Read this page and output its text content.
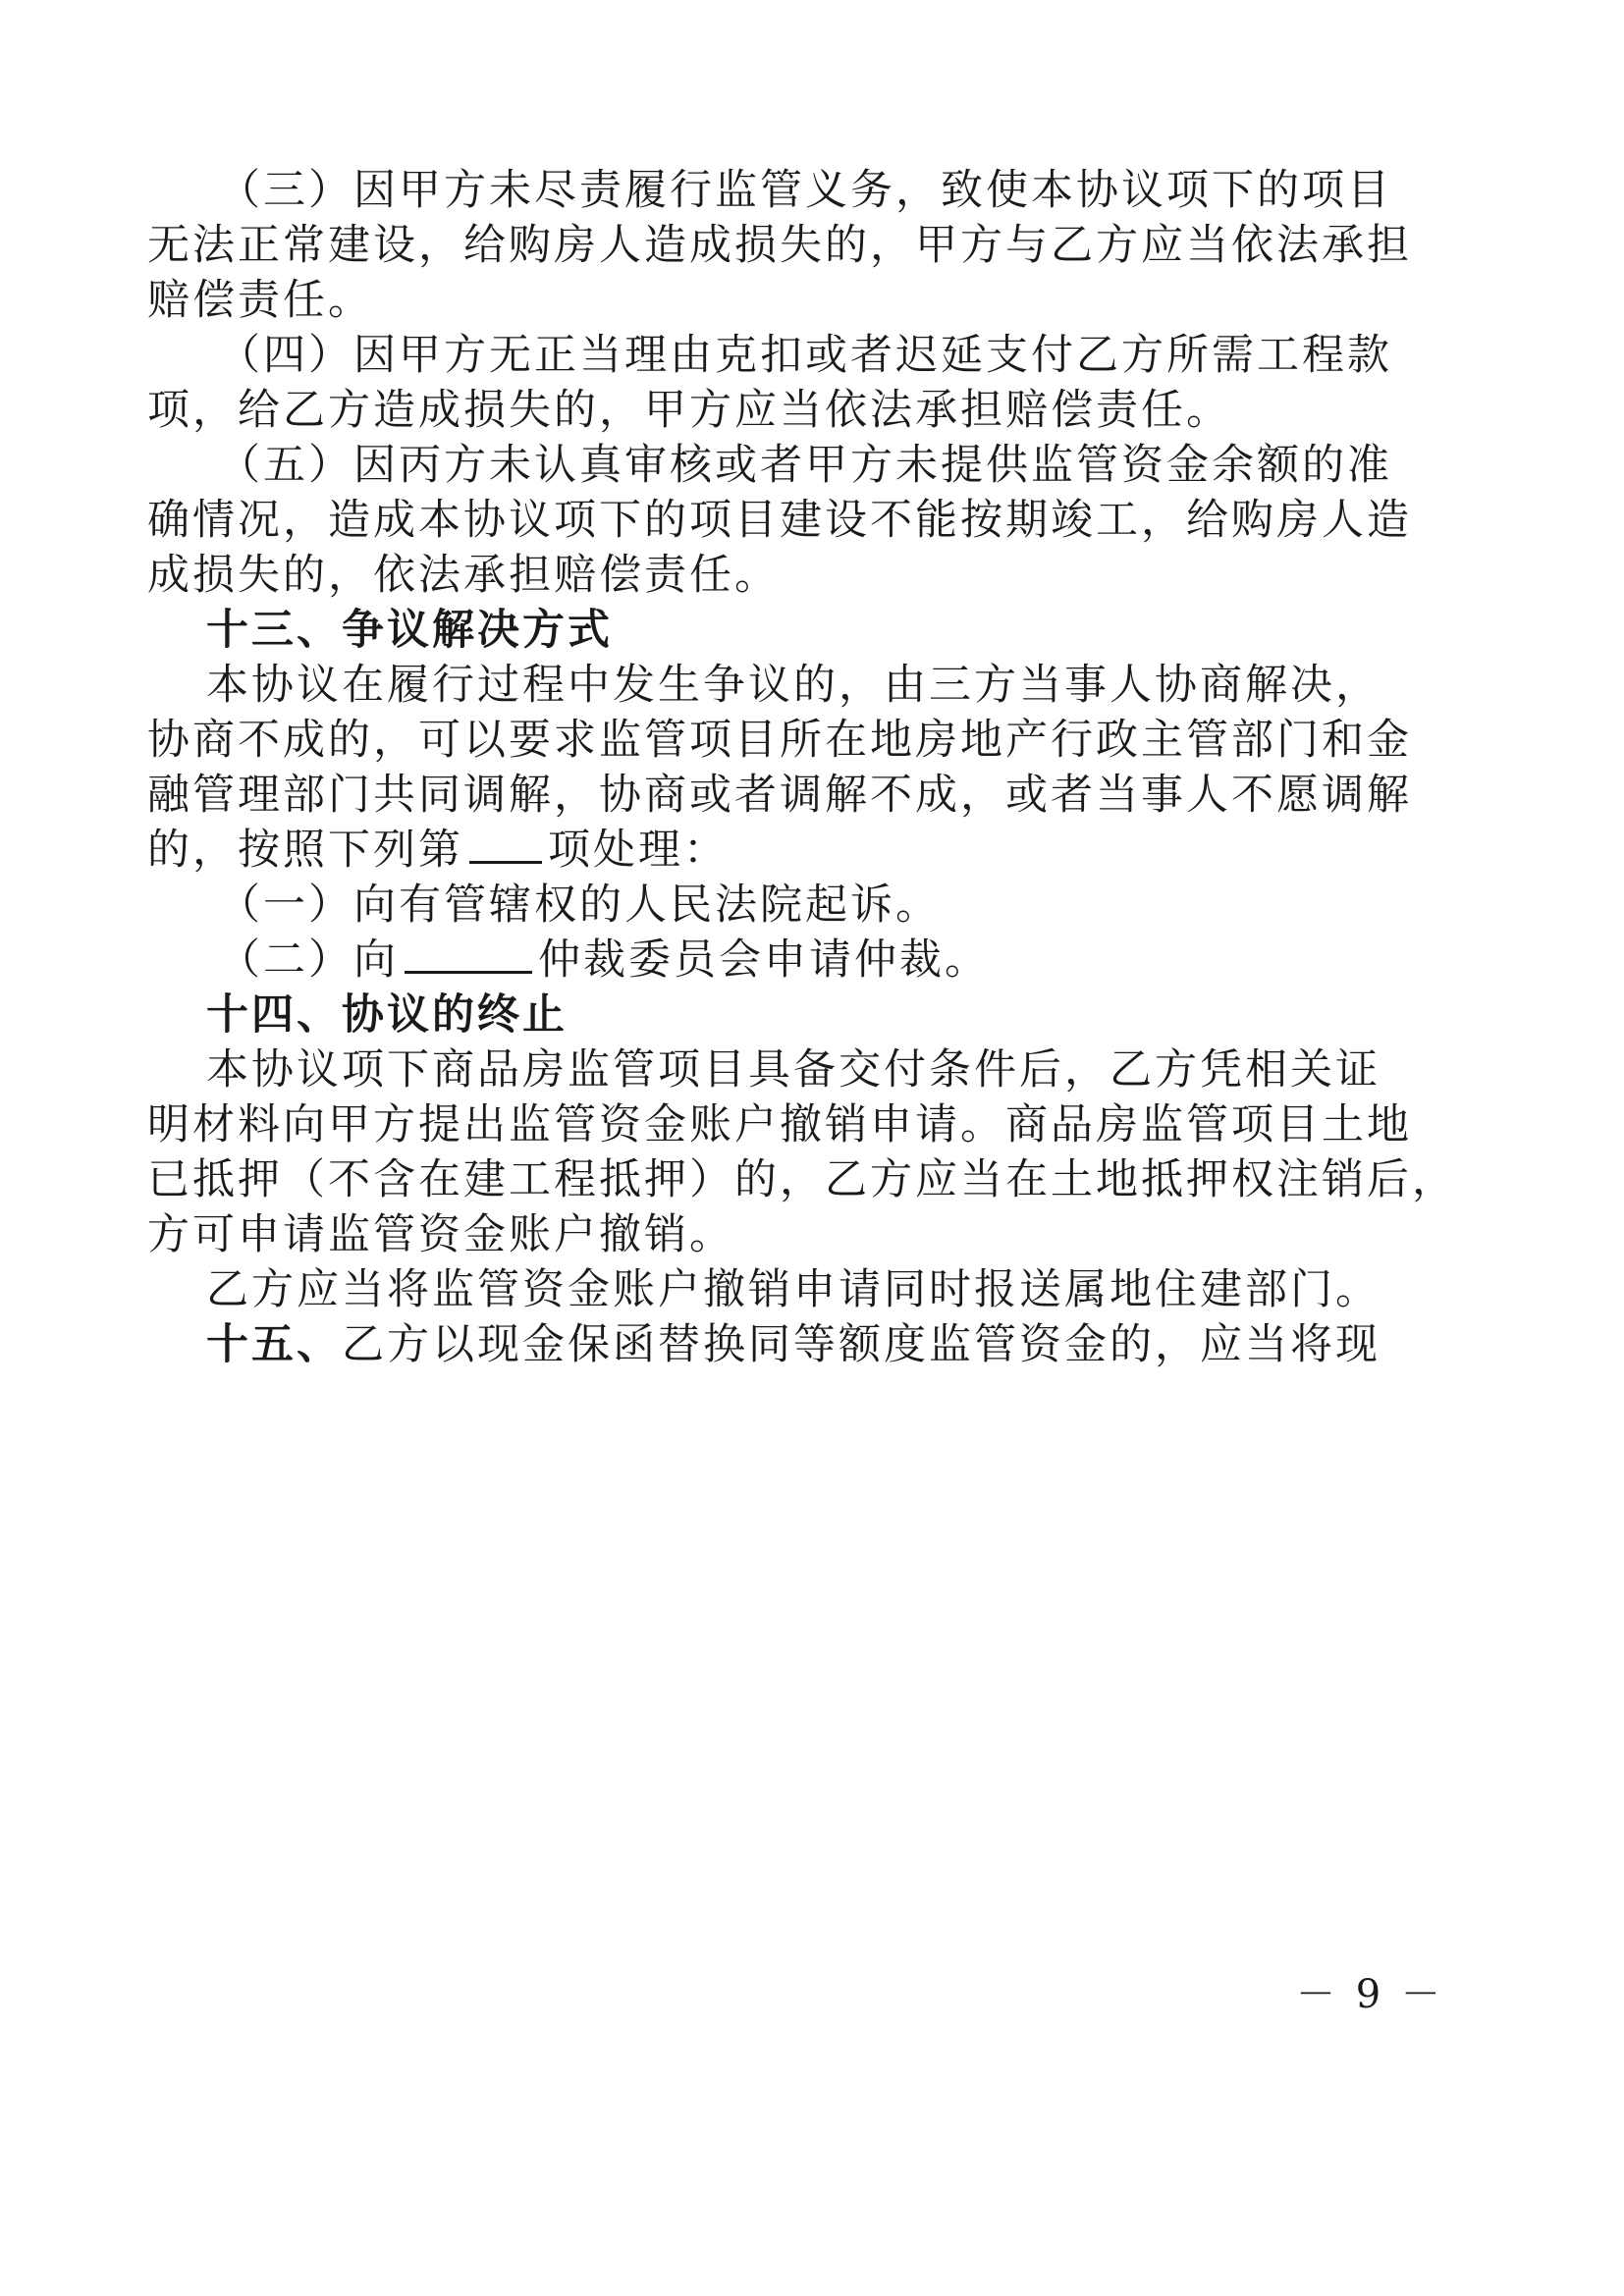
（三）因甲方未尽责履行监管义务，致使本协议项下的项目
无法正常建设，给购房人造成损失的，甲方与乙方应当依法承担
赔偿责任。
（四）因甲方无正当理由克扣或者迟延支付乙方所需工程款
项，给乙方造成损失的，甲方应当依法承担赔偿责任。
（五）因丙方未认真审核或者甲方未提供监管资金余额的准
确情况，造成本协议项下的项目建设不能按期竣工，给购房人造
成损失的，依法承担赔偿责任。
十三、争议解决方式
本协议在履行过程中发生争议的，由三方当事人协商解决，
协商不成的，可以要求监管项目所在地房地产行政主管部门和金
融管理部门共同调解，协商或者调解不成，或者当事人不愿调解
的，按照下列第 项处理：
（一）向有管辖权的人民法院起诉。
（二）向	仲裁委员会申请仲裁。
十四、协议的终止
本协议项下商品房监管项目具备交付条件后，乙方凭相关证
明材料向甲方提出监管资金账户撤销申请。商品房监管项目土地
已抵押（不含在建工程抵押）的，乙方应当在土地抵押权注销后，
方可申请监管资金账户撤销。
乙方应当将监管资金账户撤销申请同时报送属地住建部门。
十五、乙方以现金保函替换同等额度监管资金的，应当将现
－ 9 －
